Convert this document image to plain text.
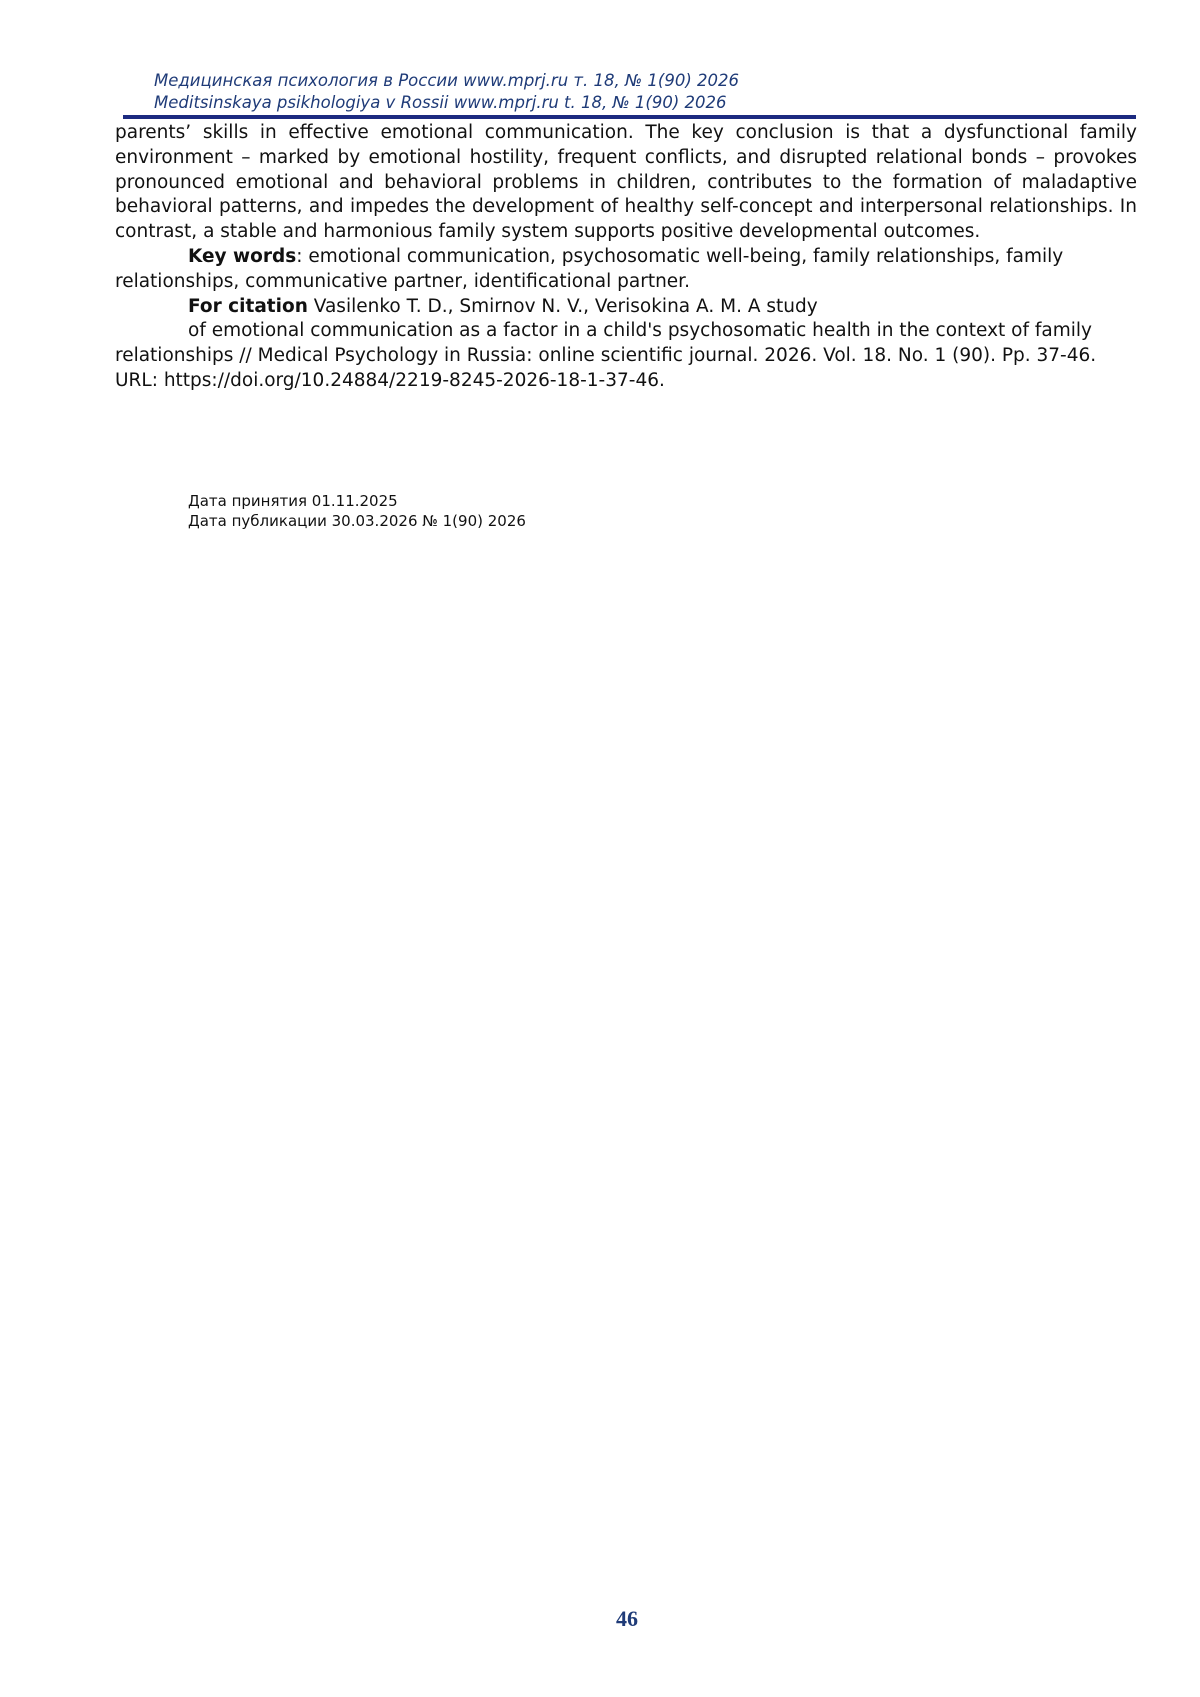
Медицинская психология в России www.mprj.ru т. 18, № 1(90) 2026
Meditsinskaya psikhologiya v Rossii www.mprj.ru t. 18, № 1(90) 2026

parents’ skills in effective emotional communication. The key conclusion is that a dysfunctional family environment – marked by emotional hostility, frequent conflicts, and disrupted relational bonds – provokes pronounced emotional and behavioral problems in children, contributes to the formation of maladaptive behavioral patterns, and impedes the development of healthy self-concept and interpersonal relationships. In contrast, a stable and harmonious family system supports positive developmental outcomes.

Key words: emotional communication, psychosomatic well-being, family relationships, family relationships, communicative partner, identificational partner.

For citation Vasilenko T. D., Smirnov N. V., Verisokina A. M. A study

of emotional communication as a factor in a child's psychosomatic health in the context of family relationships // Medical Psychology in Russia: online scientific journal. 2026. Vol. 18. No. 1 (90). Pp. 37-46. URL: https://doi.org/10.24884/2219-8245-2026-18-1-37-46.

Дата принятия 01.11.2025
Дата публикации 30.03.2026 № 1(90) 2026
46
